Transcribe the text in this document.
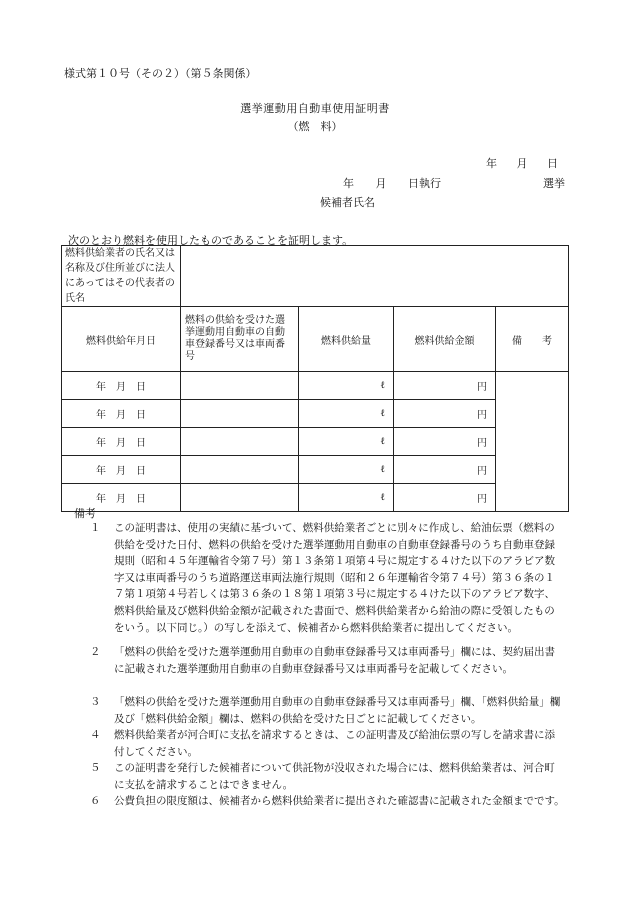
様式第１０号（その２）（第５条関係）
選挙運動用自動車使用証明書
（燃　料）
年 月 日
年 月 日執行	選挙
候補者氏名
次のとおり燃料を使用したものであることを証明します。
燃料供給業者の氏名又は名称及び住所並びに法人にあってはその代表者の氏名				
燃料供給年月日	燃料の供給を受けた選挙運動用自動車の自動車登録番号又は車両番号	燃料供給量	燃料供給金額	備　　考
年　月　日		ℓ	円	
年　月　日		ℓ	円	
年　月　日		ℓ	円	
年　月　日		ℓ	円	
年　月　日		ℓ	円	
備考
１	この証明書は、使用の実績に基づいて、燃料供給業者ごとに別々に作成し、給油伝票（燃料の供給を受けた日付、燃料の供給を受けた選挙運動用自動車の自動車登録番号のうち自動車登録規則（昭和４５年運輸省令第７号）第１３条第１項第４号に規定する４けた以下のアラビア数字又は車両番号のうち道路運送車両法施行規則（昭和２６年運輸省令第７４号）第３６条の１７第１項第４号若しくは第３６条の１８第１項第３号に規定する４けた以下のアラビア数字、燃料供給量及び燃料供給金額が記載された書面で、燃料供給業者から給油の際に受領したものをいう。以下同じ。）の写しを添えて、候補者から燃料供給業者に提出してください。
２	「燃料の供給を受けた選挙運動用自動車の自動車登録番号又は車両番号」欄には、契約届出書に記載された選挙運動用自動車の自動車登録番号又は車両番号を記載してください。
３	「燃料の供給を受けた選挙運動用自動車の自動車登録番号又は車両番号」欄、「燃料供給量」欄及び「燃料供給金額」欄は、燃料の供給を受けた日ごとに記載してください。
４	燃料供給業者が河合町に支払を請求するときは、この証明書及び給油伝票の写しを請求書に添付してください。
５	この証明書を発行した候補者について供託物が没収された場合には、燃料供給業者は、河合町に支払を請求することはできません。
６	公費負担の限度額は、候補者から燃料供給業者に提出された確認書に記載された金額までです。
